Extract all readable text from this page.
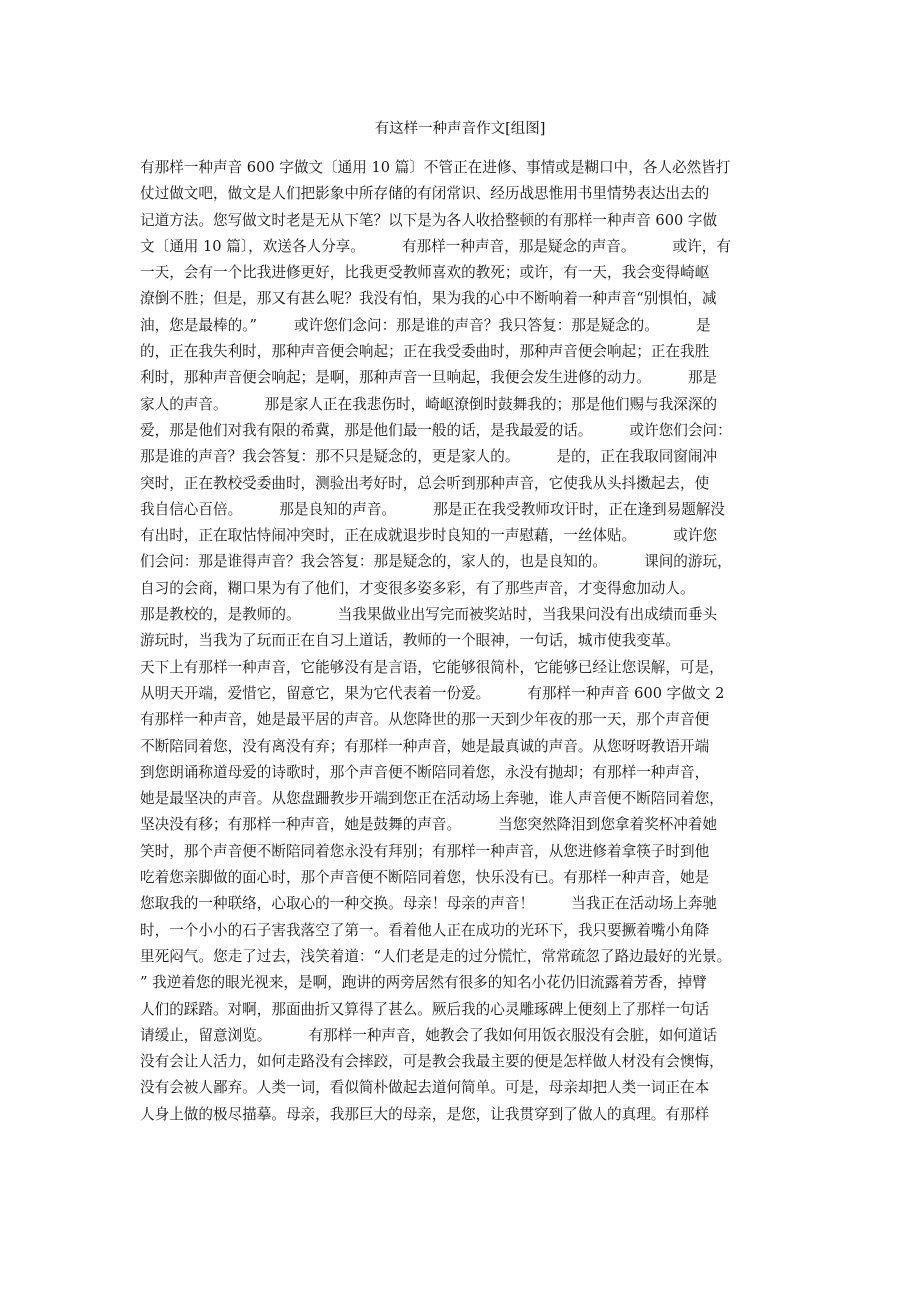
有这样一种声音作文[组图]
有那样一种声音 600 字做文〔通用 10 篇〕不管正在进修、事情或是糊口中，各人必然皆打
仗过做文吧，做文是人们把影象中所存储的有闭常识、经历战思惟用书里情势表达出去的
记道方法。您写做文时老是无从下笔？以下是为各人收拾整顿的有那样一种声音 600 字做
文〔通用 10 篇〕，欢送各人分享。        有那样一种声音，那是疑念的声音。        或许，有
一天，会有一个比我进修更好，比我更受教师喜欢的教死；或许，有一天，我会变得崎岖
潦倒不胜；但是，那又有甚么呢？我没有怕，果为我的心中不断响着一种声音“别惧怕，减
油，您是最棒的。”        或许您们念问：那是谁的声音？我只答复：那是疑念的。        是
的，正在我失利时，那种声音便会响起；正在我受委曲时，那种声音便会响起；正在我胜
利时，那种声音便会响起；是啊，那种声音一旦响起，我便会发生进修的动力。        那是
家人的声音。        那是家人正在我悲伤时，崎岖潦倒时鼓舞我的；那是他们赐与我深深的
爱，那是他们对我有限的希冀，那是他们最一般的话，是我最爱的话。        或许您们会问：
那是谁的声音？我会答复：那不只是疑念的，更是家人的。        是的，正在我取同窗闹冲
突时，正在教校受委曲时，测验出考好时，总会听到那种声音，它使我从头抖擞起去，使
我自信心百倍。        那是良知的声音。        那是正在我受教师攻讦时，正在逢到易题解没
有出时，正在取怙恃闹冲突时，正在成就退步时良知的一声慰藉，一丝体贴。        或许您
们会问：那是谁得声音？我会答复：那是疑念的，家人的，也是良知的。        课间的游玩，
自习的会商，糊口果为有了他们，才变很多姿多彩，有了那些声音，才变得愈加动人。
那是教校的，是教师的。        当我果做业出写完而被奖站时，当我果问没有出成绩而垂头
游玩时，当我为了玩而正在自习上道话，教师的一个眼神，一句话，城市使我变革。
天下上有那样一种声音，它能够没有是言语，它能够很简朴，它能够已经让您误解，可是，
从明天开端，爱惜它，留意它，果为它代表着一份爱。        有那样一种声音 600 字做文 2
有那样一种声音，她是最平居的声音。从您降世的那一天到少年夜的那一天，那个声音便
不断陪同着您，没有离没有弃；有那样一种声音，她是最真诚的声音。从您呀呀教语开端
到您朗诵称道母爱的诗歌时，那个声音便不断陪同着您，永没有抛却；有那样一种声音，
她是最坚决的声音。从您盘跚教步开端到您正在活动场上奔驰，谁人声音便不断陪同着您，
坚决没有移；有那样一种声音，她是鼓舞的声音。        当您突然降泪到您拿着奖杯冲着她
笑时，那个声音便不断陪同着您永没有拜别；有那样一种声音，从您进修着拿筷子时到他
吃着您亲脚做的面心时，那个声音便不断陪同着您，快乐没有已。有那样一种声音，她是
您取我的一种联络，心取心的一种交换。母亲！母亲的声音！        当我正在活动场上奔驰
时，一个小小的石子害我落空了第一。看着他人正在成功的光环下，我只要撅着嘴小角降
里死闷气。您走了过去，浅笑着道：“人们老是走的过分慌忙，常常疏忽了路边最好的光景。
” 我逆着您的眼光视来，是啊，跑讲的两旁居然有很多的知名小花仍旧流露着芳香，掉臂
人们的踩踏。对啊，那面曲折又算得了甚么。厥后我的心灵雕琢碑上便刻上了那样一句话
请缓止，留意浏览。        有那样一种声音，她教会了我如何用饭衣服没有会脏，如何道话
没有会让人活力，如何走路没有会摔跤，可是教会我最主要的便是怎样做人材没有会懊悔，
没有会被人鄙弃。人类一词，看似简朴做起去道何简单。可是，母亲却把人类一词正在本
人身上做的极尽描摹。母亲，我那巨大的母亲，是您，让我贯穿到了做人的真理。有那样
